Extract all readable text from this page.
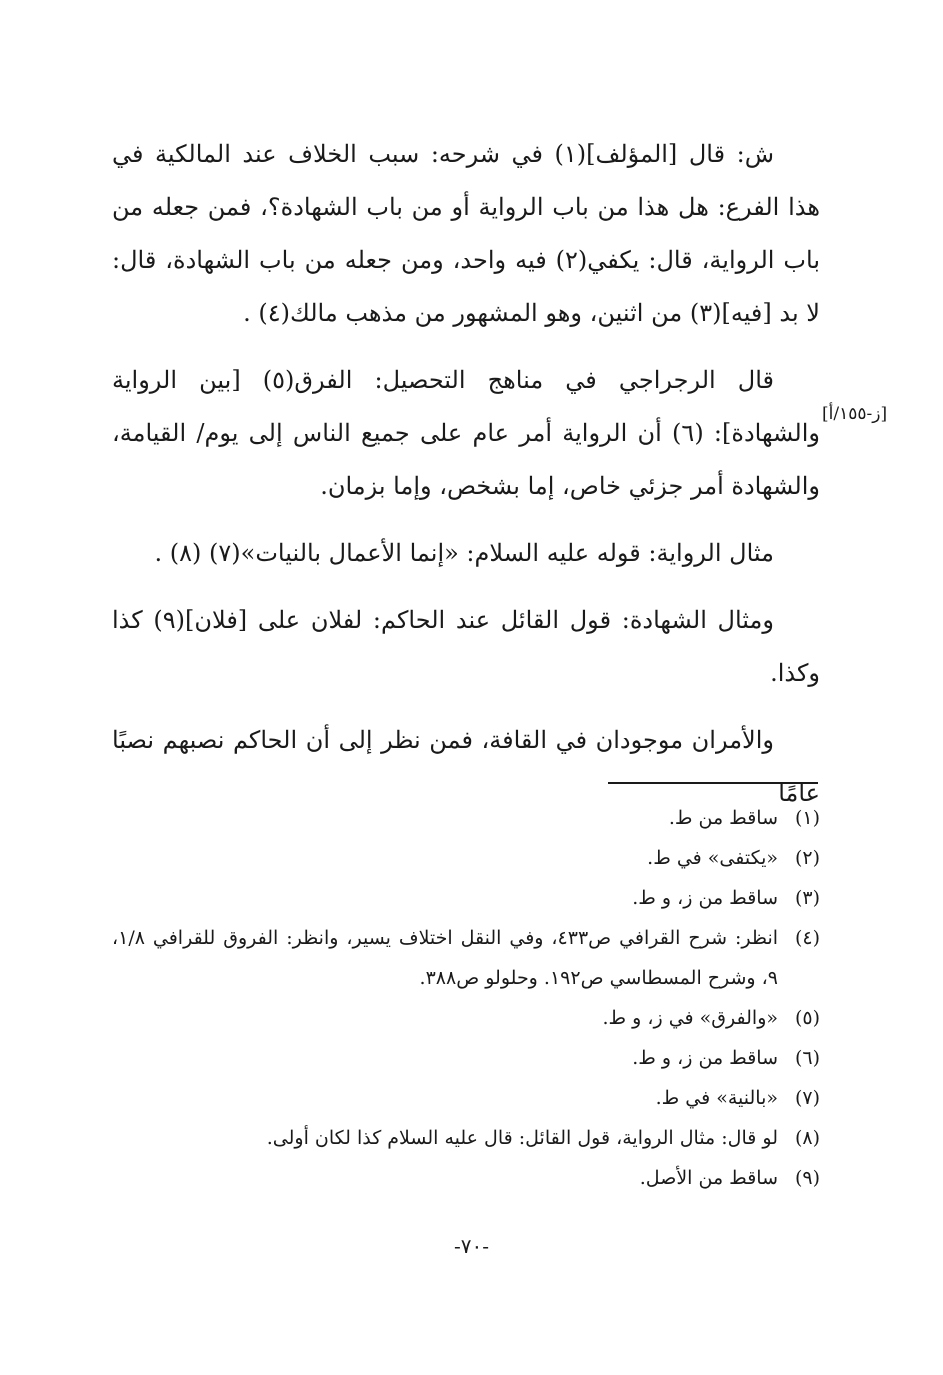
ش: قال [المؤلف](١) في شرحه: سبب الخلاف عند المالكية في هذا الفرع: هل هذا من باب الرواية أو من باب الشهادة؟، فمن جعله من باب الرواية، قال: يكفي(٢) فيه واحد، ومن جعله من باب الشهادة، قال: لا بد [فيه](٣) من اثنين، وهو المشهور من مذهب مالك(٤) .

قال الرجراجي في مناهج التحصيل: الفرق(٥) [بين الرواية والشهادة]: (٦) أن الرواية أمر عام على جميع الناس إلى يوم/ القيامة، والشهادة أمر جزئي خاص، إما بشخص، وإما بزمان.

مثال الرواية: قوله عليه السلام: «إنما الأعمال بالنيات»(٧) (٨) .

ومثال الشهادة: قول القائل عند الحاكم: لفلان على [فلان](٩) كذا وكذا.

والأمران موجودان في القافة، فمن نظر إلى أن الحاكم نصبهم نصبًا عامًا

[ز-١٥٥/أ]
(١)
ساقط من ط.
(٢)
«يكتفى» في ط.
(٣)
ساقط من ز، و ط.
(٤)
انظر: شرح القرافي ص٤٣٣، وفي النقل اختلاف يسير، وانظر: الفروق للقرافي ١/٨، ٩، وشرح المسطاسي ص١٩٢. وحلولو ص٣٨٨.
(٥)
«والفرق» في ز، و ط.
(٦)
ساقط من ز، و ط.
(٧)
«بالنية» في ط.
(٨)
لو قال: مثال الرواية، قول القائل: قال عليه السلام كذا لكان أولى.
(٩)
ساقط من الأصل.
-٧٠-
